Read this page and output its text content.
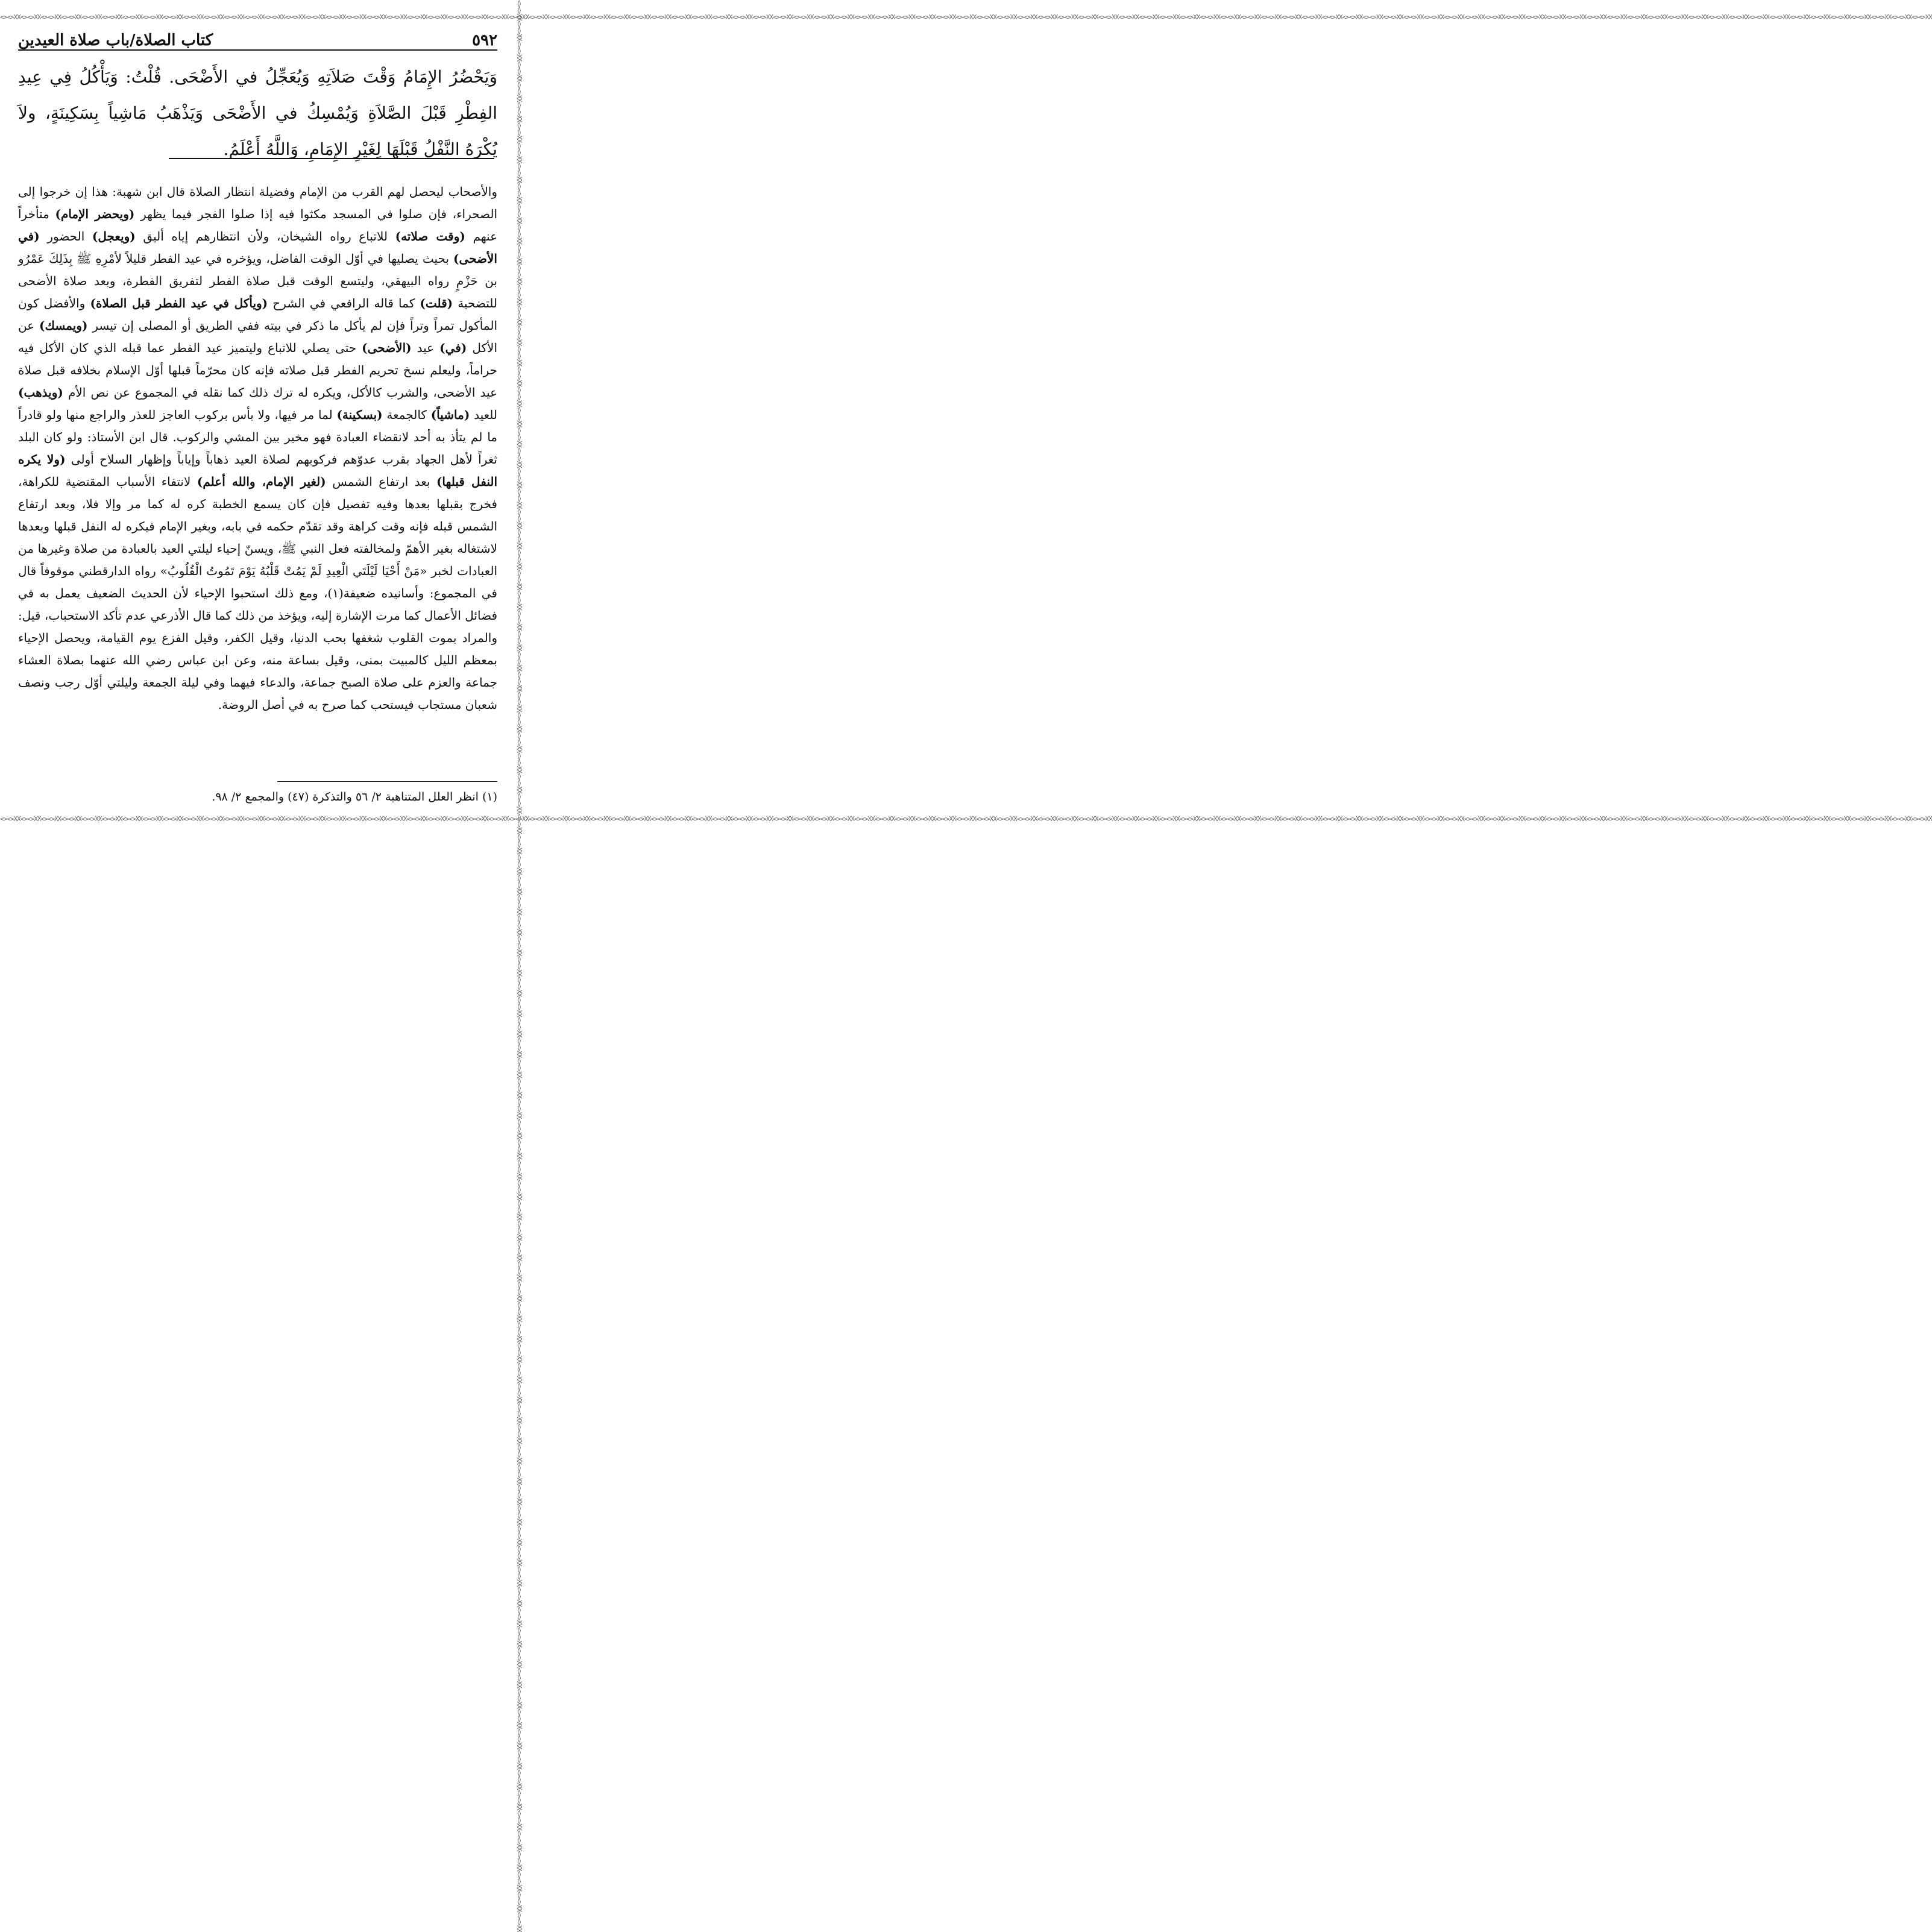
<><>XX<><>XX<><>XX<><>XX<><>XX<><>XX<><>XX<><>XX<><>XX<><>XX<><>XX<><>XX<><>XX<><>XX<><>XX<><>XX<><>XX<><>XX<><>XX<><>XX<><>XX<><>XX<><>XX<><>XX<><>XX<><>XX<><>XX<><>XX<><>XX<><>XX<><>XX<><>XX<><>XX<><>XX<><>XX<><>XX<><>XX<><>XX<><>XX<><>XX<><>XX<><>XX<><>XX<><>XX<><>XX<><>XX<><>XX<><>XX<><>XX<><>XX<><>XX<><>XX<><>XX<><>XX<><>XX<><>XX<><>XX<><>XX<><>XX<><>XX<><>XX<><>XX<><>XX<><>XX<><>XX<><>XX<><>XX<><>XX<><>XX<><>XX<><>XX<><>XX<><>XX<><>XX<><>XX<><>XX<><>XX<><>XX<><>XX<><>XX<><>XX<><>XX<><>XX<><>XX<><>XX<><>XX<><>XX<><>XX<><>XX<><>XX<><>XX<><>XX<><>XX<><>XX<><>XX
<><>XX<><>XX<><>XX<><>XX<><>XX<><>XX<><>XX<><>XX<><>XX<><>XX<><>XX<><>XX<><>XX<><>XX<><>XX<><>XX<><>XX<><>XX<><>XX<><>XX<><>XX<><>XX<><>XX<><>XX<><>XX<><>XX<><>XX<><>XX<><>XX<><>XX<><>XX<><>XX<><>XX<><>XX<><>XX<><>XX<><>XX<><>XX<><>XX<><>XX<><>XX<><>XX<><>XX<><>XX<><>XX<><>XX<><>XX<><>XX<><>XX<><>XX<><>XX<><>XX<><>XX<><>XX<><>XX<><>XX<><>XX<><>XX<><>XX<><>XX<><>XX<><>XX<><>XX<><>XX<><>XX<><>XX<><>XX<><>XX<><>XX<><>XX<><>XX<><>XX<><>XX<><>XX<><>XX<><>XX<><>XX<><>XX<><>XX<><>XX<><>XX<><>XX<><>XX<><>XX<><>XX<><>XX<><>XX<><>XX<><>XX<><>XX<><>XX<><>XX<><>XX<><>XX<><>XX
٥٩٢
كتاب الصلاة/باب صلاة العيدين
وَيَحْضُرُ الإِمَامُ وَقْتَ صَلاَتِهِ وَيُعَجِّلُ في الأَضْحَى. قُلْتُ: وَيَأْكُلُ فِي عِيدِ الفِطْرِ قَبْلَ الصَّلاَةِ وَيُمْسِكُ في الأَضْحَى وَيَذْهَبُ مَاشِياً بِسَكِينَةٍ، ولاَ يُكْرَهُ النَّفْلُ قَبْلَهَا لِغَيْرِ الإِمَامِ، وَاللَّهُ أَعْلَمُ.

والأصحاب ليحصل لهم القرب من الإمام وفضيلة انتظار الصلاة قال ابن شهبة: هذا إن خرجوا إلى الصحراء، فإن صلوا في المسجد مكثوا فيه إذا صلوا الفجر فيما يظهر (ويحضر الإمام) متأخراً عنهم (وقت صلاته) للاتباع رواه الشيخان، ولأن انتظارهم إياه أليق (ويعجل) الحضور (في الأضحى) بحيث يصليها في أوّل الوقت الفاضل، ويؤخره في عيد الفطر قليلاً لأمْرِهِ ﷺ بِذَلِكَ عَمْرُو بن حَزْمٍ رواه البيهقي، وليتسع الوقت قبل صلاة الفطر لتفريق الفطرة، وبعد صلاة الأضحى للتضحية (قلت) كما قاله الرافعي في الشرح (ويأكل في عيد الفطر قبل الصلاة) والأفضل كون المأكول تمراً وتراً فإن لم يأكل ما ذكر في بيته ففي الطريق أو المصلى إن تيسر (ويمسك) عن الأكل (في) عيد (الأضحى) حتى يصلي للاتباع وليتميز عيد الفطر عما قبله الذي كان الأكل فيه حراماً، وليعلم نسخ تحريم الفطر قبل صلاته فإنه كان محرّماً قبلها أوّل الإسلام بخلافه قبل صلاة عيد الأضحى، والشرب كالأكل، ويكره له ترك ذلك كما نقله في المجموع عن نص الأم (ويذهب) للعيد (ماشياً) كالجمعة (بسكينة) لما مر فيها، ولا بأس بركوب العاجز للعذر والراجع منها ولو قادراً ما لم يتأذ به أحد لانقضاء العبادة فهو مخير بين المشي والركوب. قال ابن الأستاذ: ولو كان البلد ثغراً لأهل الجهاد بقرب عدوّهم فركوبهم لصلاة العيد ذهاباً وإياباً وإظهار السلاح أولى (ولا يكره النفل قبلها) بعد ارتفاع الشمس (لغير الإمام، والله أعلم) لانتفاء الأسباب المقتضية للكراهة، فخرج بقبلها بعدها وفيه تفصيل فإن كان يسمع الخطبة كره له كما مر وإلا فلا، وبعد ارتفاع الشمس قبله فإنه وقت كراهة وقد تقدّم حكمه في بابه، وبغير الإمام فيكره له النفل قبلها وبعدها لاشتغاله بغير الأهمّ ولمخالفته فعل النبي ﷺ، ويسنّ إحياء ليلتي العيد بالعبادة من صلاة وغيرها من العبادات لخبر «مَنْ أَحْيَا لَيْلَتَي الْعِيدِ لَمْ يَمُتْ قَلْبُهُ يَوْمَ تَمُوتُ الْقُلُوبُ» رواه الدارقطني موقوفاً قال في المجموع: وأسانيده ضعيفة(١)، ومع ذلك استحبوا الإحياء لأن الحديث الضعيف يعمل به في فضائل الأعمال كما مرت الإشارة إليه، ويؤخذ من ذلك كما قال الأذرعي عدم تأكد الاستحباب، قيل: والمراد بموت القلوب شغفها بحب الدنيا، وقيل الكفر، وقيل الفزع يوم القيامة، ويحصل الإحياء بمعظم الليل كالمبيت بمنى، وقيل بساعة منه، وعن ابن عباس رضي الله عنهما بصلاة العشاء جماعة والعزم على صلاة الصبح جماعة، والدعاء فيهما وفي ليلة الجمعة وليلتي أوّل رجب ونصف شعبان مستجاب فيستحب كما صرح به في أصل الروضة.

(١) انظر العلل المتناهية ٢/ ٥٦ والتذكرة (٤٧) والمجمع ٢/ ٩٨.
<><>XX<><>XX<><>XX<><>XX<><>XX<><>XX<><>XX<><>XX<><>XX<><>XX<><>XX<><>XX<><>XX<><>XX<><>XX<><>XX<><>XX<><>XX<><>XX<><>XX<><>XX<><>XX<><>XX<><>XX<><>XX<><>XX<><>XX<><>XX<><>XX<><>XX<><>XX<><>XX<><>XX<><>XX<><>XX<><>XX<><>XX<><>XX<><>XX<><>XX<><>XX<><>XX<><>XX<><>XX<><>XX<><>XX<><>XX<><>XX<><>XX<><>XX<><>XX<><>XX<><>XX<><>XX<><>XX<><>XX<><>XX<><>XX<><>XX<><>XX<><>XX<><>XX<><>XX<><>XX<><>XX<><>XX<><>XX<><>XX<><>XX<><>XX<><>XX<><>XX<><>XX<><>XX<><>XX<><>XX<><>XX<><>XX<><>XX<><>XX<><>XX<><>XX<><>XX<><>XX<><>XX<><>XX<><>XX<><>XX<><>XX<><>XX<><>XX<><>XX<><>XX<><>XX<><>XX
